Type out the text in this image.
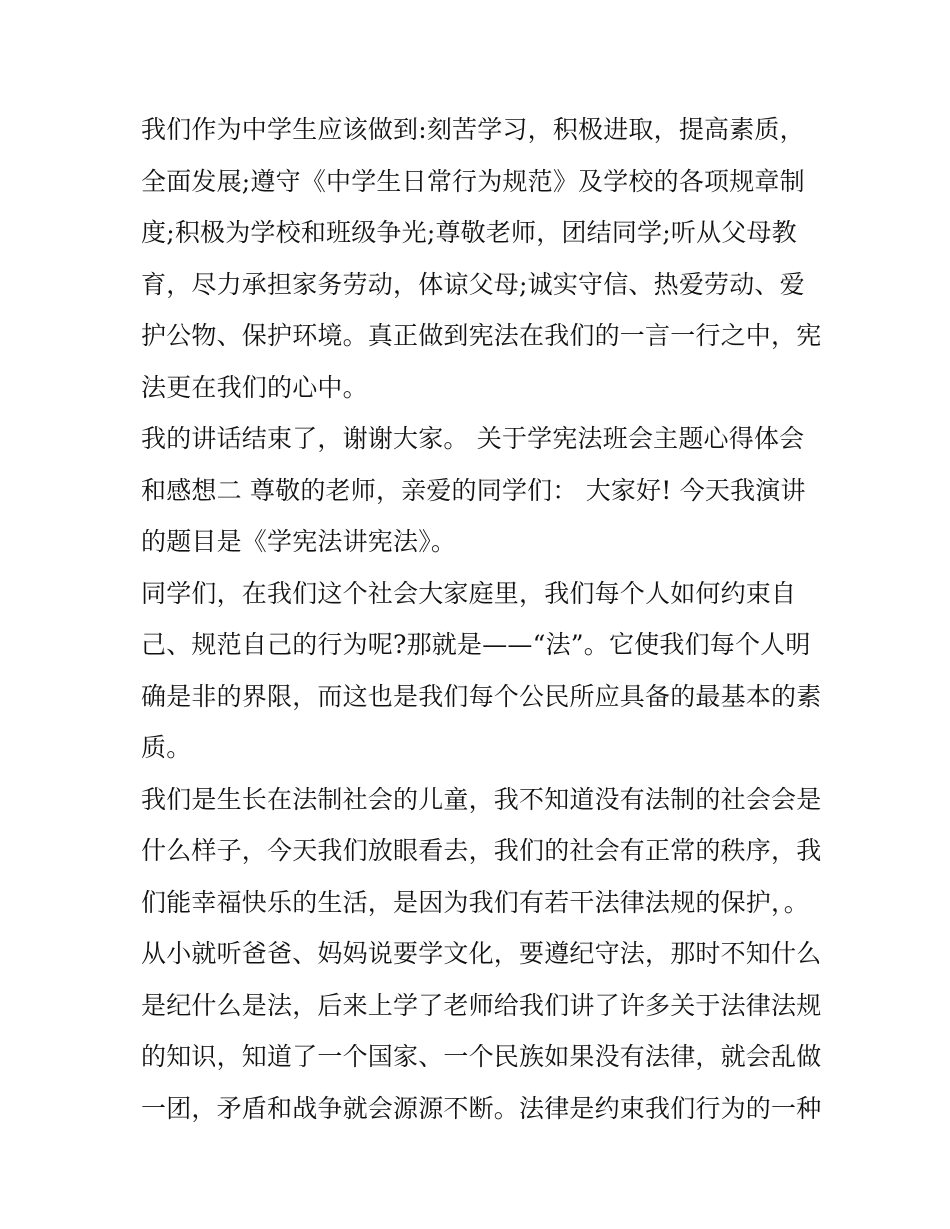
我们作为中学生应该做到:刻苦学习，积极进取，提高素质，
全面发展;遵守《中学生日常行为规范》及学校的各项规章制
度;积极为学校和班级争光;尊敬老师，团结同学;听从父母教
育，尽力承担家务劳动，体谅父母;诚实守信、热爱劳动、爱
护公物、保护环境。真正做到宪法在我们的一言一行之中，宪
法更在我们的心中。
我的讲话结束了，谢谢大家。 关于学宪法班会主题心得体会
和感想二 尊敬的老师，亲爱的同学们： 大家好! 今天我演讲
的题目是《学宪法讲宪法》。
同学们，在我们这个社会大家庭里，我们每个人如何约束自
己、规范自己的行为呢?那就是——“法”。它使我们每个人明
确是非的界限，而这也是我们每个公民所应具备的最基本的素
质。
我们是生长在法制社会的儿童，我不知道没有法制的社会会是
什么样子，今天我们放眼看去，我们的社会有正常的秩序，我
们能幸福快乐的生活，是因为我们有若干法律法规的保护，。
从小就听爸爸、妈妈说要学文化，要遵纪守法，那时不知什么
是纪什么是法，后来上学了老师给我们讲了许多关于法律法规
的知识，知道了一个国家、一个民族如果没有法律，就会乱做
一团，矛盾和战争就会源源不断。法律是约束我们行为的一种
